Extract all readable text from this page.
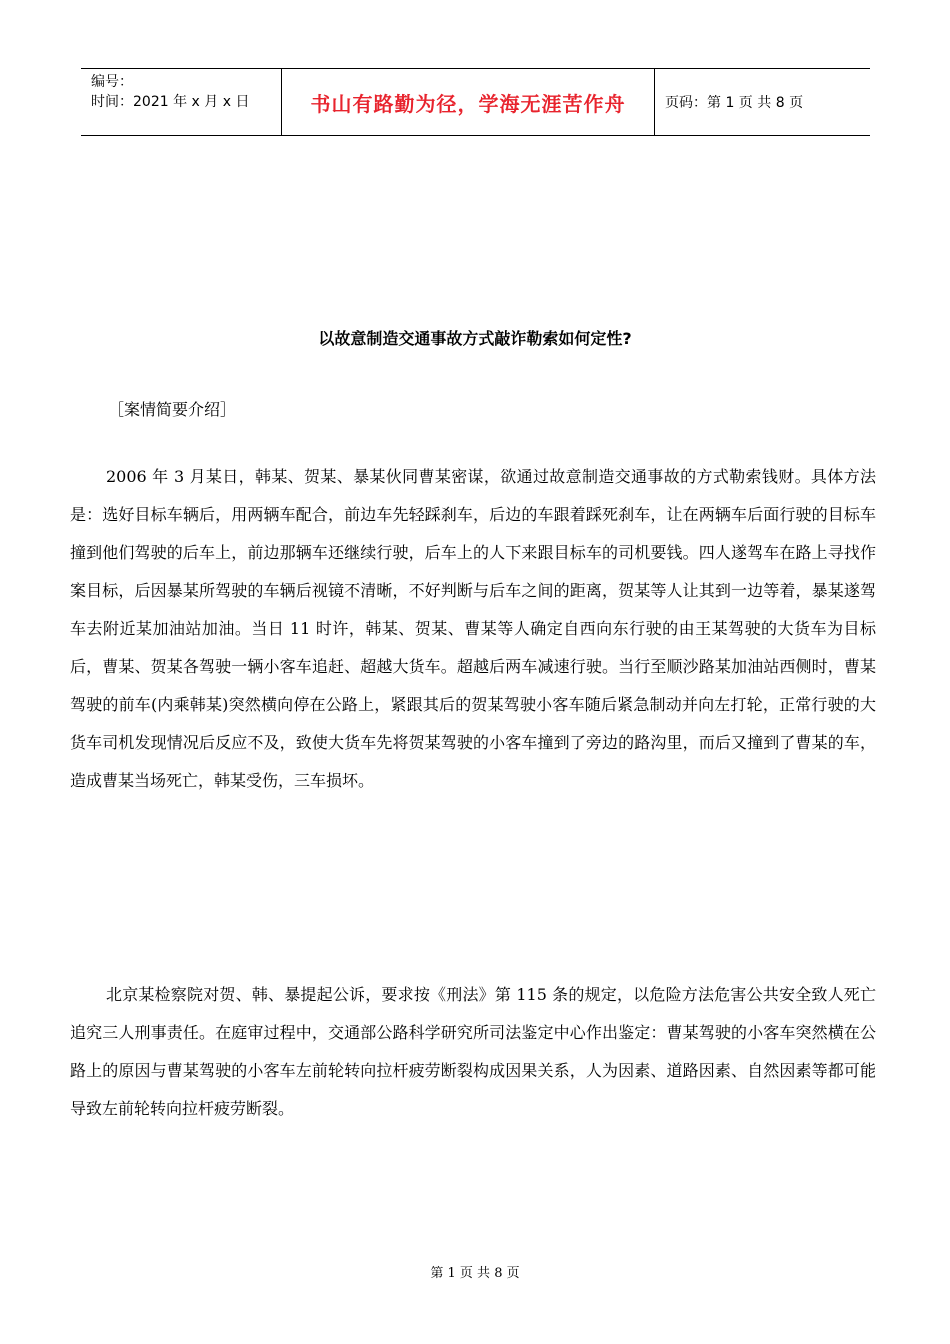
编号：
时间：2021 年 x 月 x 日	书山有路勤为径，学海无涯苦作舟	页码：第 1 页 共 8 页
以故意制造交通事故方式敲诈勒索如何定性?
［案情简要介绍］

2006 年 3 月某日，韩某、贺某、暴某伙同曹某密谋，欲通过故意制造交通事故的方式勒索钱财。具体方法是：选好目标车辆后，用两辆车配合，前边车先轻踩刹车，后边的车跟着踩死刹车，让在两辆车后面行驶的目标车撞到他们驾驶的后车上，前边那辆车还继续行驶，后车上的人下来跟目标车的司机要钱。四人遂驾车在路上寻找作案目标，后因暴某所驾驶的车辆后视镜不清晰，不好判断与后车之间的距离，贺某等人让其到一边等着，暴某遂驾车去附近某加油站加油。当日 11 时许，韩某、贺某、曹某等人确定自西向东行驶的由王某驾驶的大货车为目标后，曹某、贺某各驾驶一辆小客车追赶、超越大货车。超越后两车减速行驶。当行至顺沙路某加油站西侧时，曹某驾驶的前车(内乘韩某)突然横向停在公路上，紧跟其后的贺某驾驶小客车随后紧急制动并向左打轮，正常行驶的大货车司机发现情况后反应不及，致使大货车先将贺某驾驶的小客车撞到了旁边的路沟里，而后又撞到了曹某的车，造成曹某当场死亡，韩某受伤，三车损坏。

北京某检察院对贺、韩、暴提起公诉，要求按《刑法》第 115 条的规定，以危险方法危害公共安全致人死亡追究三人刑事责任。在庭审过程中，交通部公路科学研究所司法鉴定中心作出鉴定：曹某驾驶的小客车突然横在公路上的原因与曹某驾驶的小客车左前轮转向拉杆疲劳断裂构成因果关系，人为因素、道路因素、自然因素等都可能导致左前轮转向拉杆疲劳断裂。

第 1 页 共 8 页
